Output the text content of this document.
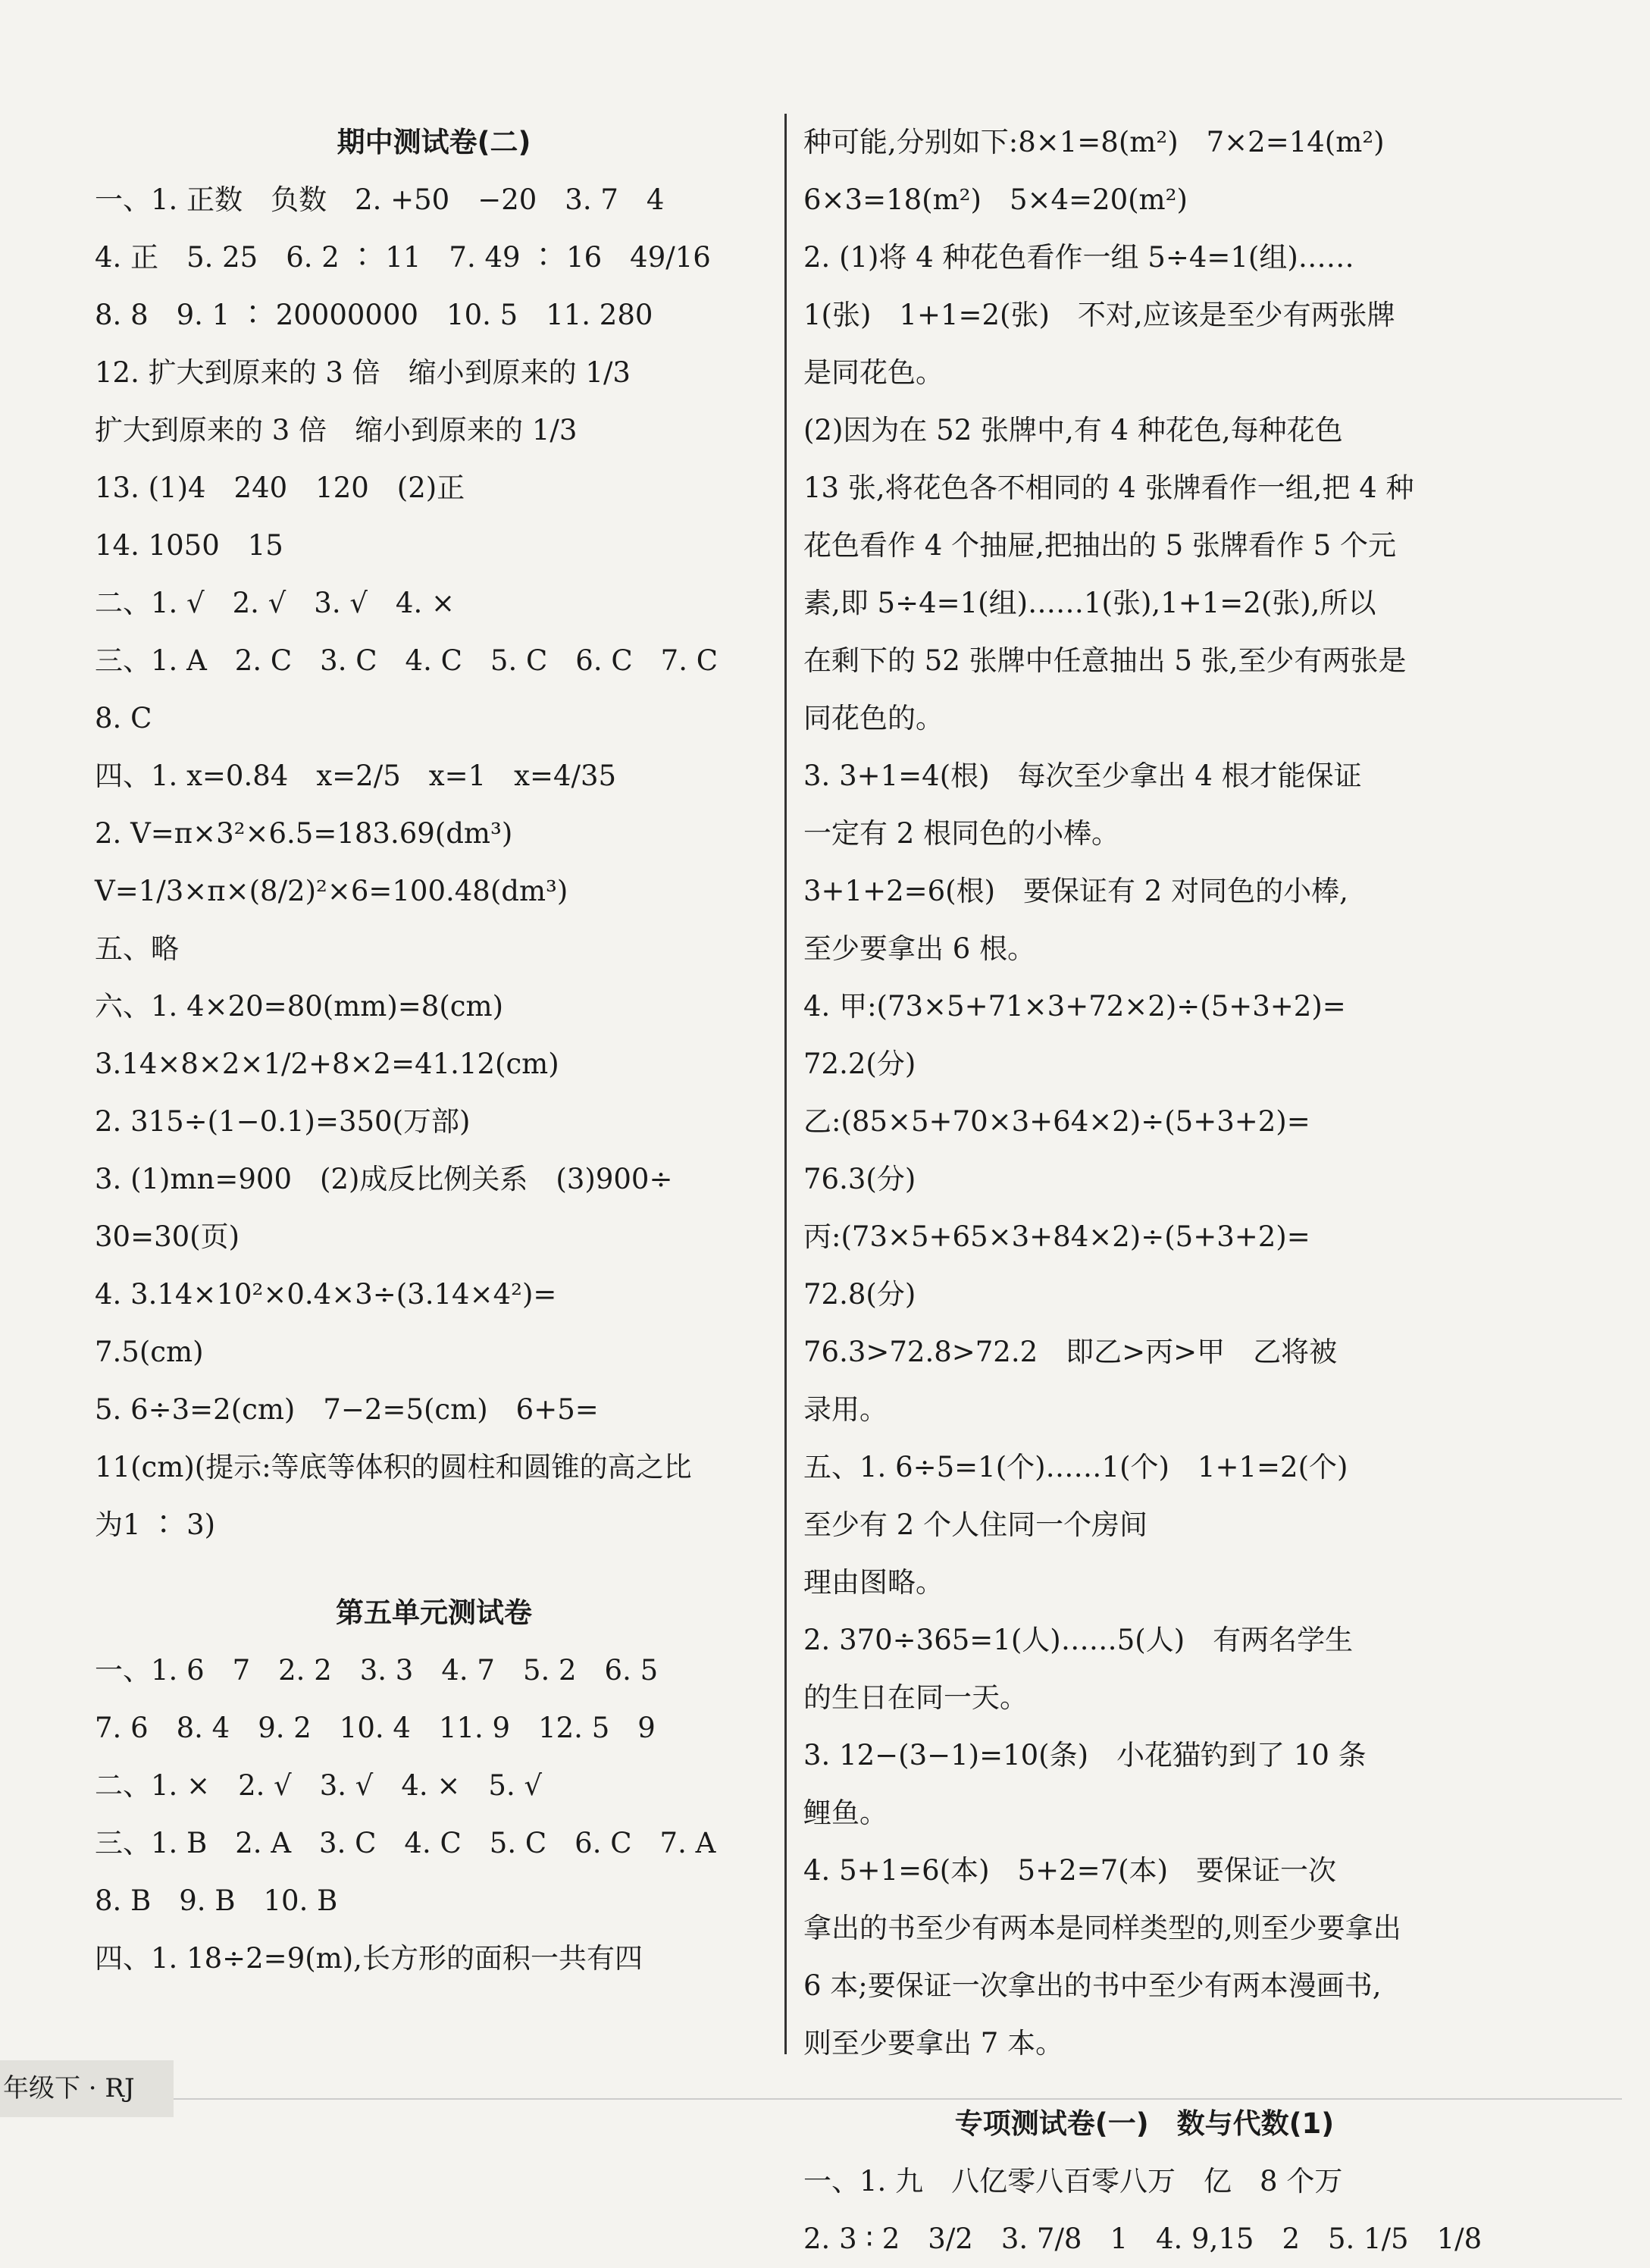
期中测试卷(二)
一、1. 正数　负数　2. +50　−20　3. 7　4
4. 正　5. 25　6. 2 ∶ 11　7. 49 ∶ 16　49/16
8. 8　9. 1 ∶ 20000000　10. 5　11. 280
12. 扩大到原来的 3 倍　缩小到原来的 1/3
扩大到原来的 3 倍　缩小到原来的 1/3
13. (1)4　240　120　(2)正
14. 1050　15
二、1. √　2. √　3. √　4. ×
三、1. A　2. C　3. C　4. C　5. C　6. C　7. C
8. C
四、1. x=0.84　x=2/5　x=1　x=4/35
2. V=π×3²×6.5=183.69(dm³)
V=1/3×π×(8/2)²×6=100.48(dm³)
五、略
六、1. 4×20=80(mm)=8(cm)
3.14×8×2×1/2+8×2=41.12(cm)
2. 315÷(1−0.1)=350(万部)
3. (1)mn=900　(2)成反比例关系　(3)900÷
30=30(页)
4. 3.14×10²×0.4×3÷(3.14×4²)=
7.5(cm)
5. 6÷3=2(cm)　7−2=5(cm)　6+5=
11(cm)(提示:等底等体积的圆柱和圆锥的高之比
为1 ∶ 3)
第五单元测试卷
一、1. 6　7　2. 2　3. 3　4. 7　5. 2　6. 5
7. 6　8. 4　9. 2　10. 4　11. 9　12. 5　9
二、1. ×　2. √　3. √　4. ×　5. √
三、1. B　2. A　3. C　4. C　5. C　6. C　7. A
8. B　9. B　10. B
四、1. 18÷2=9(m),长方形的面积一共有四
种可能,分别如下:8×1=8(m²)　7×2=14(m²)
6×3=18(m²)　5×4=20(m²)
2. (1)将 4 种花色看作一组 5÷4=1(组)……
1(张)　1+1=2(张)　不对,应该是至少有两张牌
是同花色。
(2)因为在 52 张牌中,有 4 种花色,每种花色
13 张,将花色各不相同的 4 张牌看作一组,把 4 种
花色看作 4 个抽屉,把抽出的 5 张牌看作 5 个元
素,即 5÷4=1(组)……1(张),1+1=2(张),所以
在剩下的 52 张牌中任意抽出 5 张,至少有两张是
同花色的。
3. 3+1=4(根)　每次至少拿出 4 根才能保证
一定有 2 根同色的小棒。
3+1+2=6(根)　要保证有 2 对同色的小棒,
至少要拿出 6 根。
4. 甲:(73×5+71×3+72×2)÷(5+3+2)=
72.2(分)
乙:(85×5+70×3+64×2)÷(5+3+2)=
76.3(分)
丙:(73×5+65×3+84×2)÷(5+3+2)=
72.8(分)
76.3>72.8>72.2　即乙>丙>甲　乙将被
录用。
五、1. 6÷5=1(个)……1(个)　1+1=2(个)
至少有 2 个人住同一个房间
理由图略。
2. 370÷365=1(人)……5(人)　有两名学生
的生日在同一天。
3. 12−(3−1)=10(条)　小花猫钓到了 10 条
鲤鱼。
4. 5+1=6(本)　5+2=7(本)　要保证一次
拿出的书至少有两本是同样类型的,则至少要拿出
6 本;要保证一次拿出的书中至少有两本漫画书,
则至少要拿出 7 本。
专项测试卷(一)　数与代数(1)
一、1. 九　八亿零八百零八万　亿　8 个万
2. 3 ∶ 2　3/2　3. 7/8　1　4. 9,15　2　5. 1/5　1/8
年级下 · RJ
